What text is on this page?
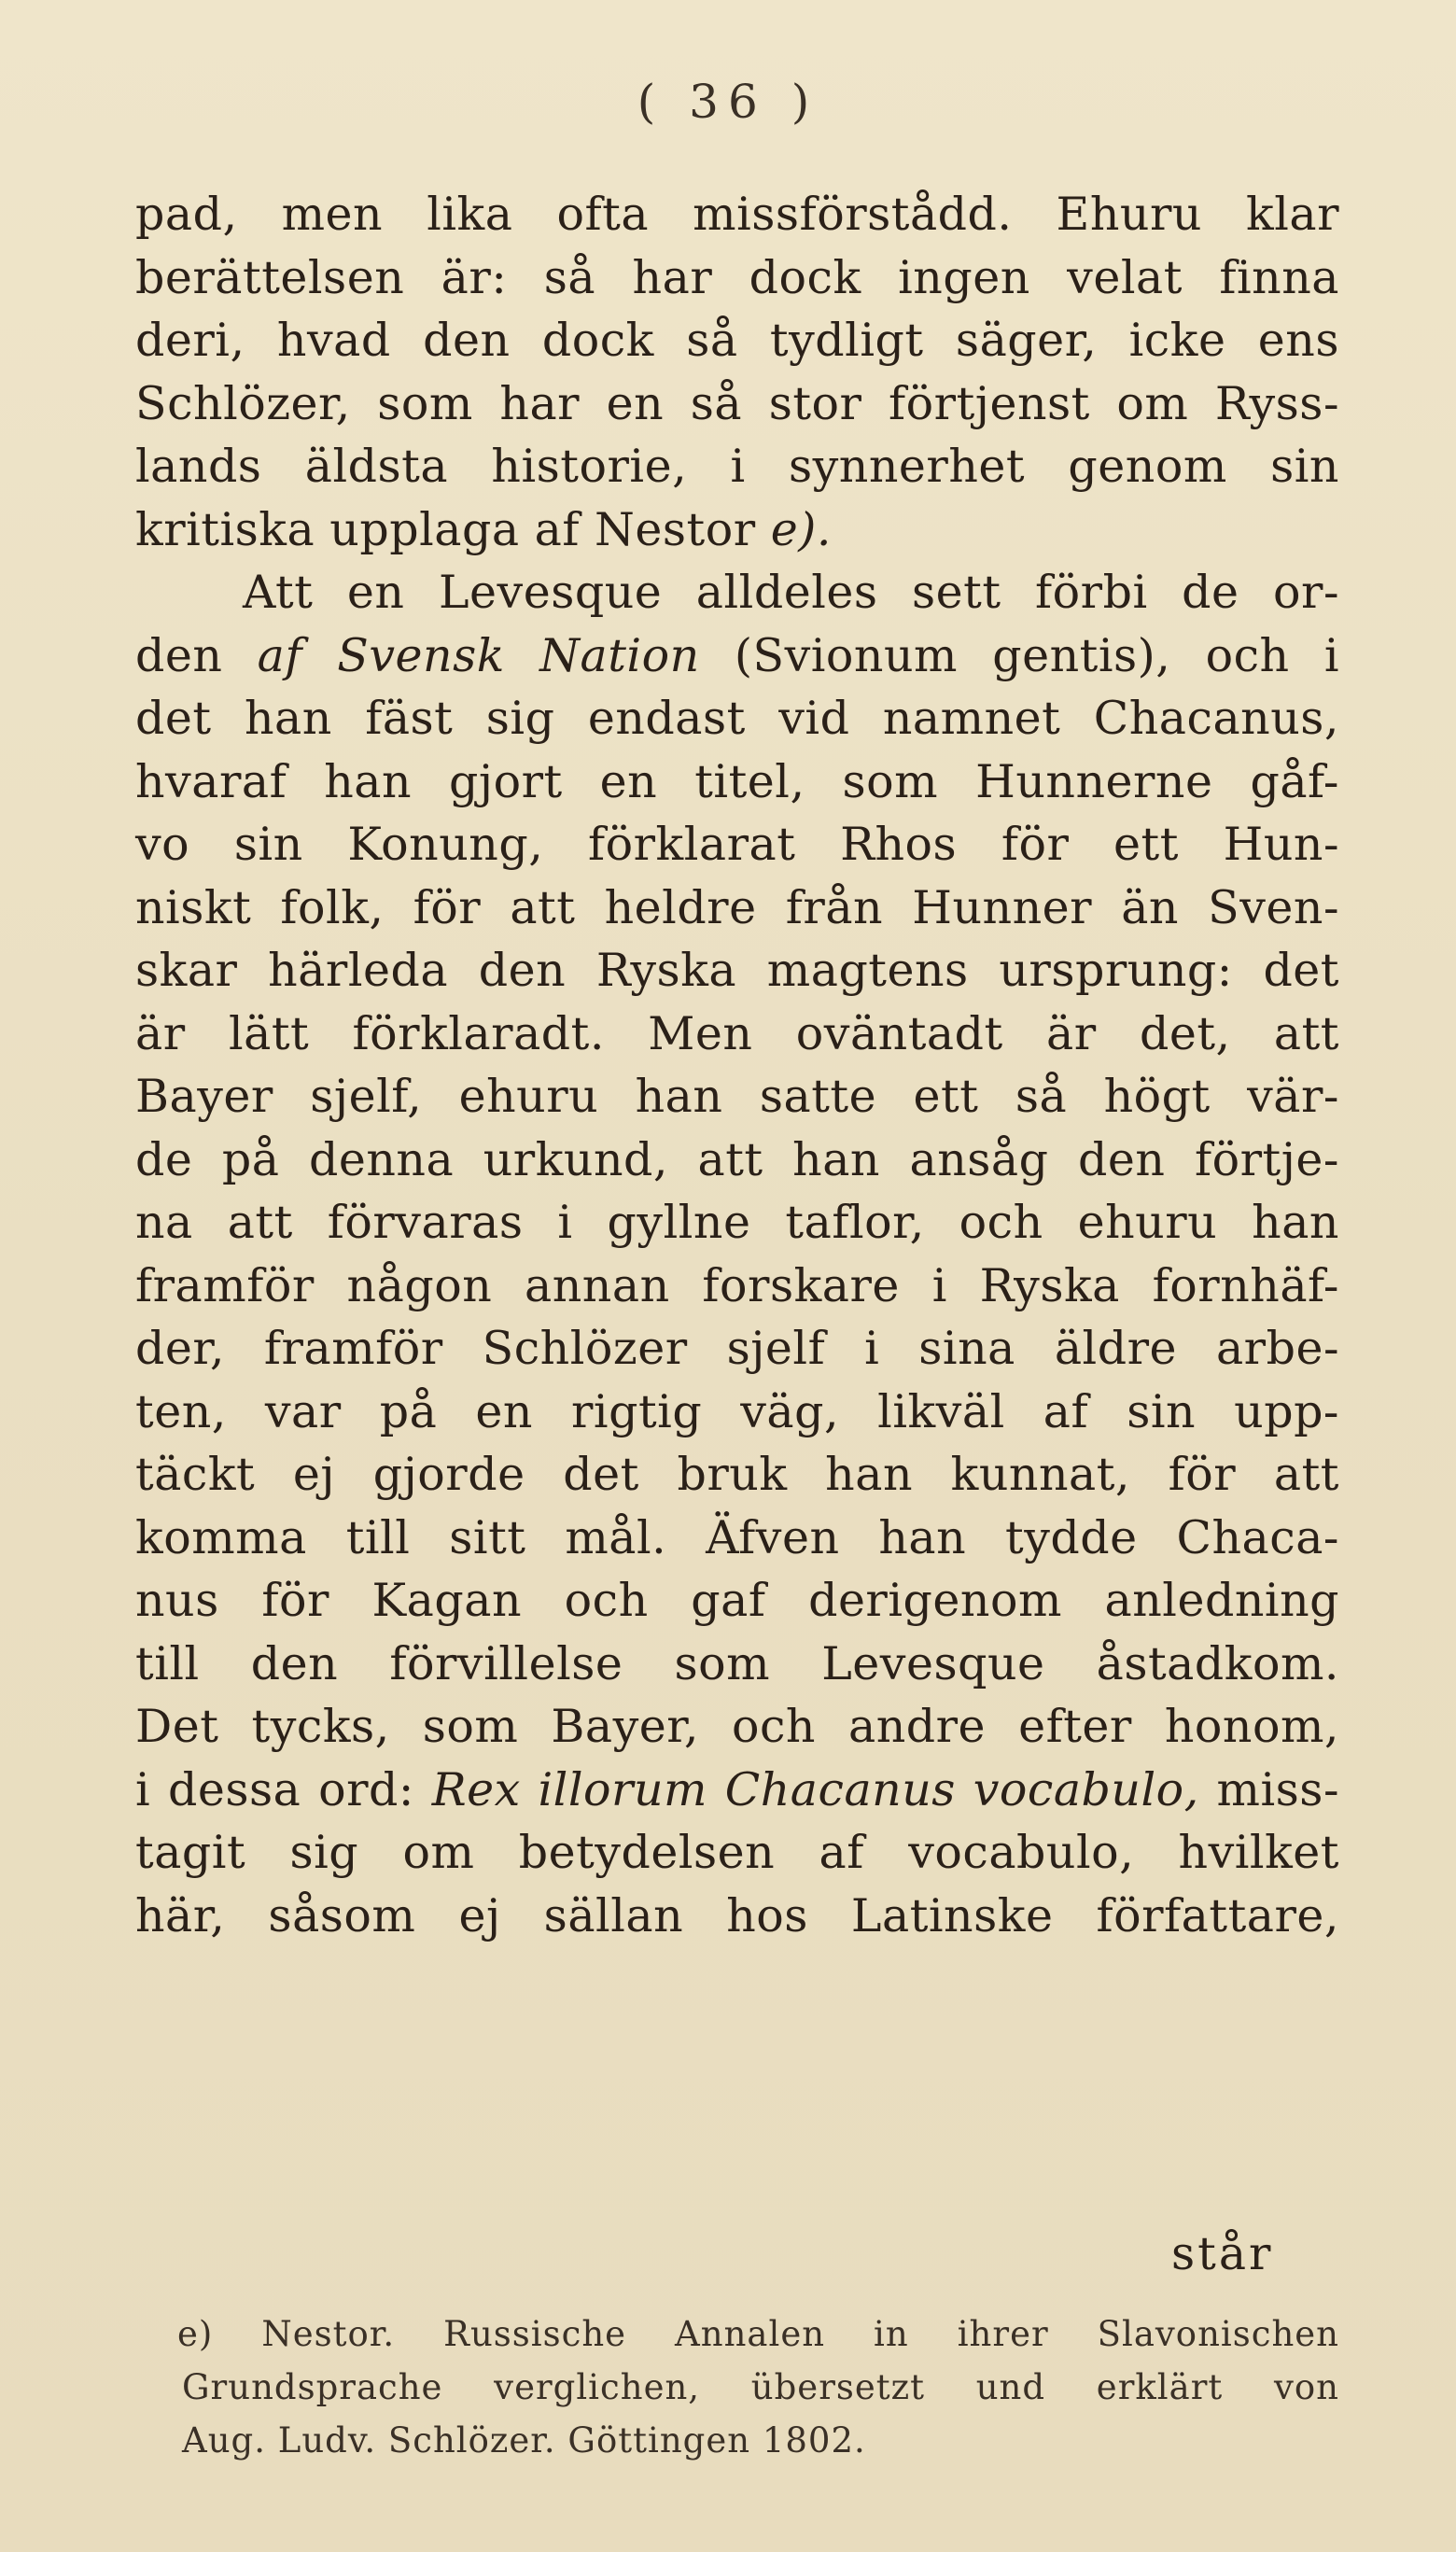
( 36 )
pad, men lika ofta missförstådd. Ehuru klar
berättelsen är: så har dock ingen velat finna
deri, hvad den dock så tydligt säger, icke ens
Schlözer, som har en så stor förtjenst om Ryss-
lands äldsta historie, i synnerhet genom sin
kritiska upplaga af Nestor e).
Att en Levesque alldeles sett förbi de or-
den af Svensk Nation (Svionum gentis), och i
det han fäst sig endast vid namnet Chacanus,
hvaraf han gjort en titel, som Hunnerne gåf-
vo sin Konung, förklarat Rhos för ett Hun-
niskt folk, för att heldre från Hunner än Sven-
skar härleda den Ryska magtens ursprung: det
är lätt förklaradt. Men oväntadt är det, att
Bayer sjelf, ehuru han satte ett så högt vär-
de på denna urkund, att han ansåg den förtje-
na att förvaras i gyllne taflor, och ehuru han
framför någon annan forskare i Ryska fornhäf-
der, framför Schlözer sjelf i sina äldre arbe-
ten, var på en rigtig väg, likväl af sin upp-
täckt ej gjorde det bruk han kunnat, för att
komma till sitt mål. Äfven han tydde Chaca-
nus för Kagan och gaf derigenom anledning
till den förvillelse som Levesque åstadkom.
Det tycks, som Bayer, och andre efter honom,
i dessa ord: Rex illorum Chacanus vocabulo, miss-
tagit sig om betydelsen af vocabulo, hvilket
här, såsom ej sällan hos Latinske författare,
står
e) Nestor. Russische Annalen in ihrer Slavonischen
Grundsprache verglichen, übersetzt und erklärt von
Aug. Ludv. Schlözer. Göttingen 1802.
